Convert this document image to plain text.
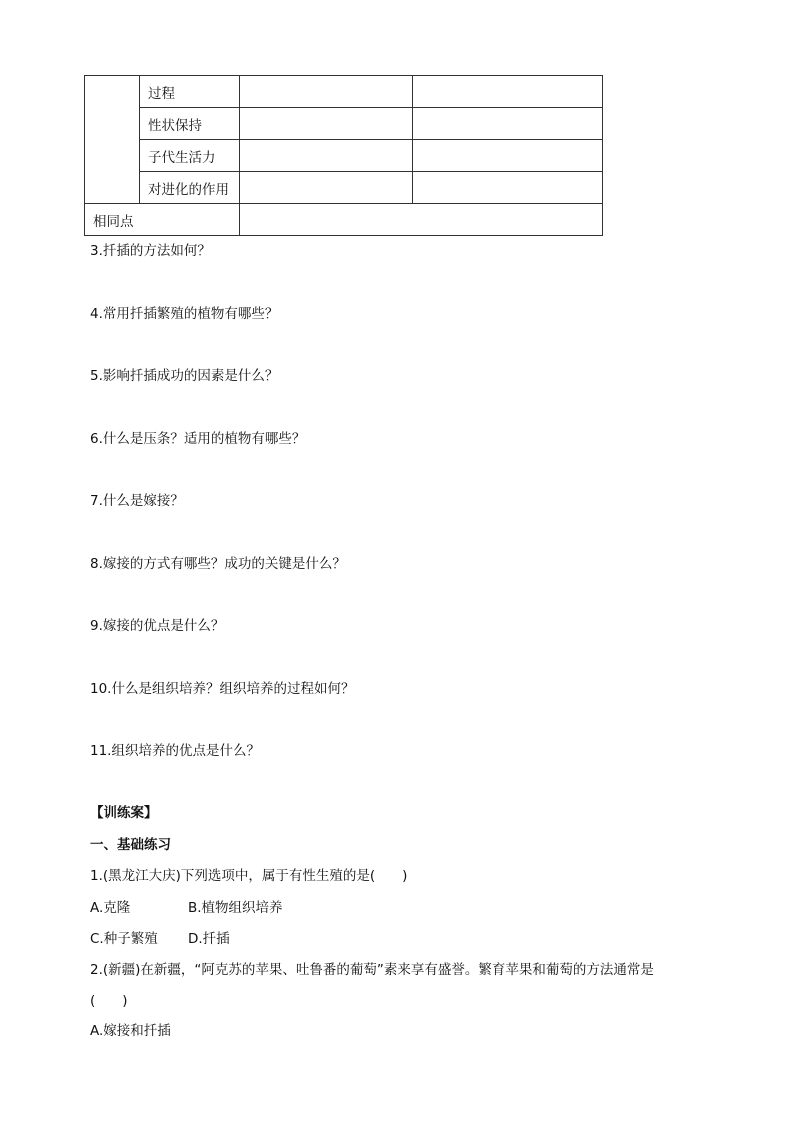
	过程		
	性状保持		
	子代生活力		
	对进化的作用		
相同点			
3.扦插的方法如何？
4.常用扦插繁殖的植物有哪些？
5.影响扦插成功的因素是什么？
6.什么是压条？适用的植物有哪些？
7.什么是嫁接？
8.嫁接的方式有哪些？成功的关键是什么？
9.嫁接的优点是什么？
10.什么是组织培养？组织培养的过程如何？
11.组织培养的优点是什么？
【训练案】
一、基础练习
1.(黑龙江大庆)下列选项中，属于有性生殖的是(　　)
A.克隆	B.植物组织培养
C.种子繁殖 D.扦插
2.(新疆)在新疆，“阿克苏的苹果、吐鲁番的葡萄”素来享有盛誉。繁育苹果和葡萄的方法通常是
(　　)
A.嫁接和扦插
